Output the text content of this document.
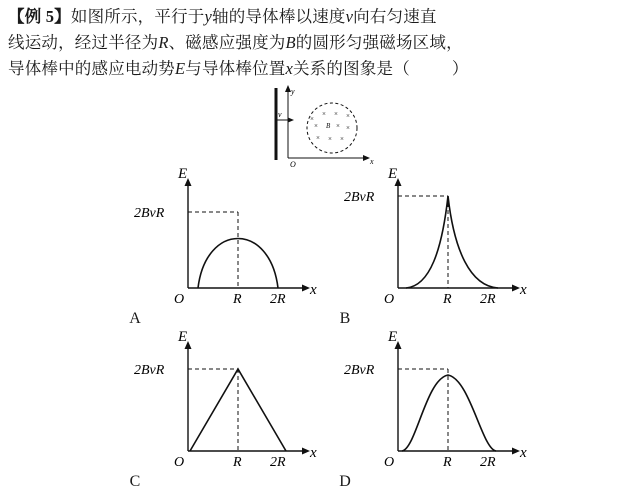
【例 5】如图所示，平行于y轴的导体棒以速度v向右匀速直
线运动，经过半径为R、磁感应强度为B的圆形匀强磁场区域，
导体棒中的感应电动势E与导体棒位置x关系的图象是（	）
v
y
x
O
× × ×
× B × ×
× × ×
×
E
x
O	R 2R
2BvR
E
x
O	R 2R
2BvR
E
x
O	R 2R
2BvR
E
x
O	R 2R
2BvR
A	B
C	D
